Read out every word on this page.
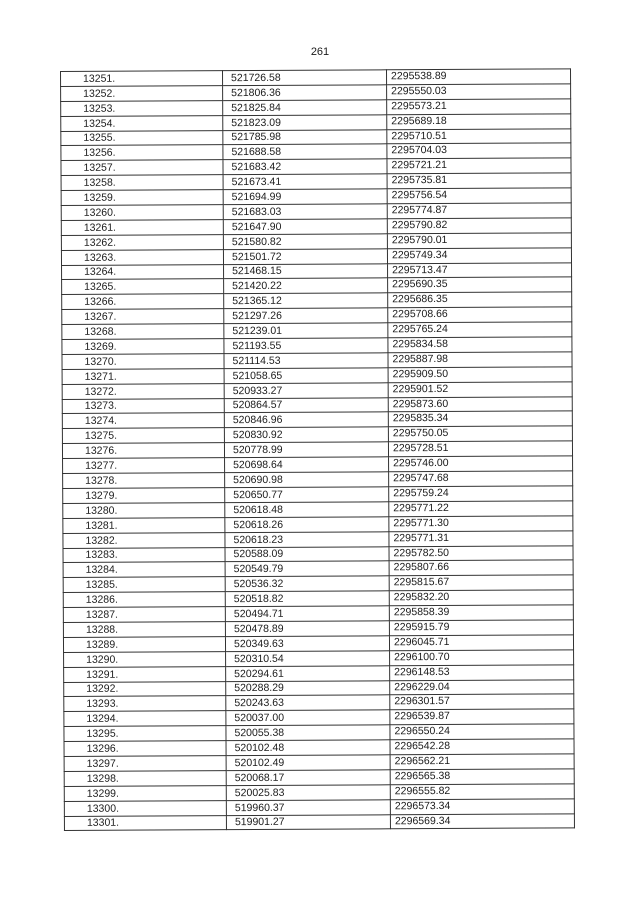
261
13251.	521726.58	2295538.89
13252.	521806.36	2295550.03
13253.	521825.84	2295573.21
13254.	521823.09	2295689.18
13255.	521785.98	2295710.51
13256.	521688.58	2295704.03
13257.	521683.42	2295721.21
13258.	521673.41	2295735.81
13259.	521694.99	2295756.54
13260.	521683.03	2295774.87
13261.	521647.90	2295790.82
13262.	521580.82	2295790.01
13263.	521501.72	2295749.34
13264.	521468.15	2295713.47
13265.	521420.22	2295690.35
13266.	521365.12	2295686.35
13267.	521297.26	2295708.66
13268.	521239.01	2295765.24
13269.	521193.55	2295834.58
13270.	521114.53	2295887.98
13271.	521058.65	2295909.50
13272.	520933.27	2295901.52
13273.	520864.57	2295873.60
13274.	520846.96	2295835.34
13275.	520830.92	2295750.05
13276.	520778.99	2295728.51
13277.	520698.64	2295746.00
13278.	520690.98	2295747.68
13279.	520650.77	2295759.24
13280.	520618.48	2295771.22
13281.	520618.26	2295771.30
13282.	520618.23	2295771.31
13283.	520588.09	2295782.50
13284.	520549.79	2295807.66
13285.	520536.32	2295815.67
13286.	520518.82	2295832.20
13287.	520494.71	2295858.39
13288.	520478.89	2295915.79
13289.	520349.63	2296045.71
13290.	520310.54	2296100.70
13291.	520294.61	2296148.53
13292.	520288.29	2296229.04
13293.	520243.63	2296301.57
13294.	520037.00	2296539.87
13295.	520055.38	2296550.24
13296.	520102.48	2296542.28
13297.	520102.49	2296562.21
13298.	520068.17	2296565.38
13299.	520025.83	2296555.82
13300.	519960.37	2296573.34
13301.	519901.27	2296569.34
